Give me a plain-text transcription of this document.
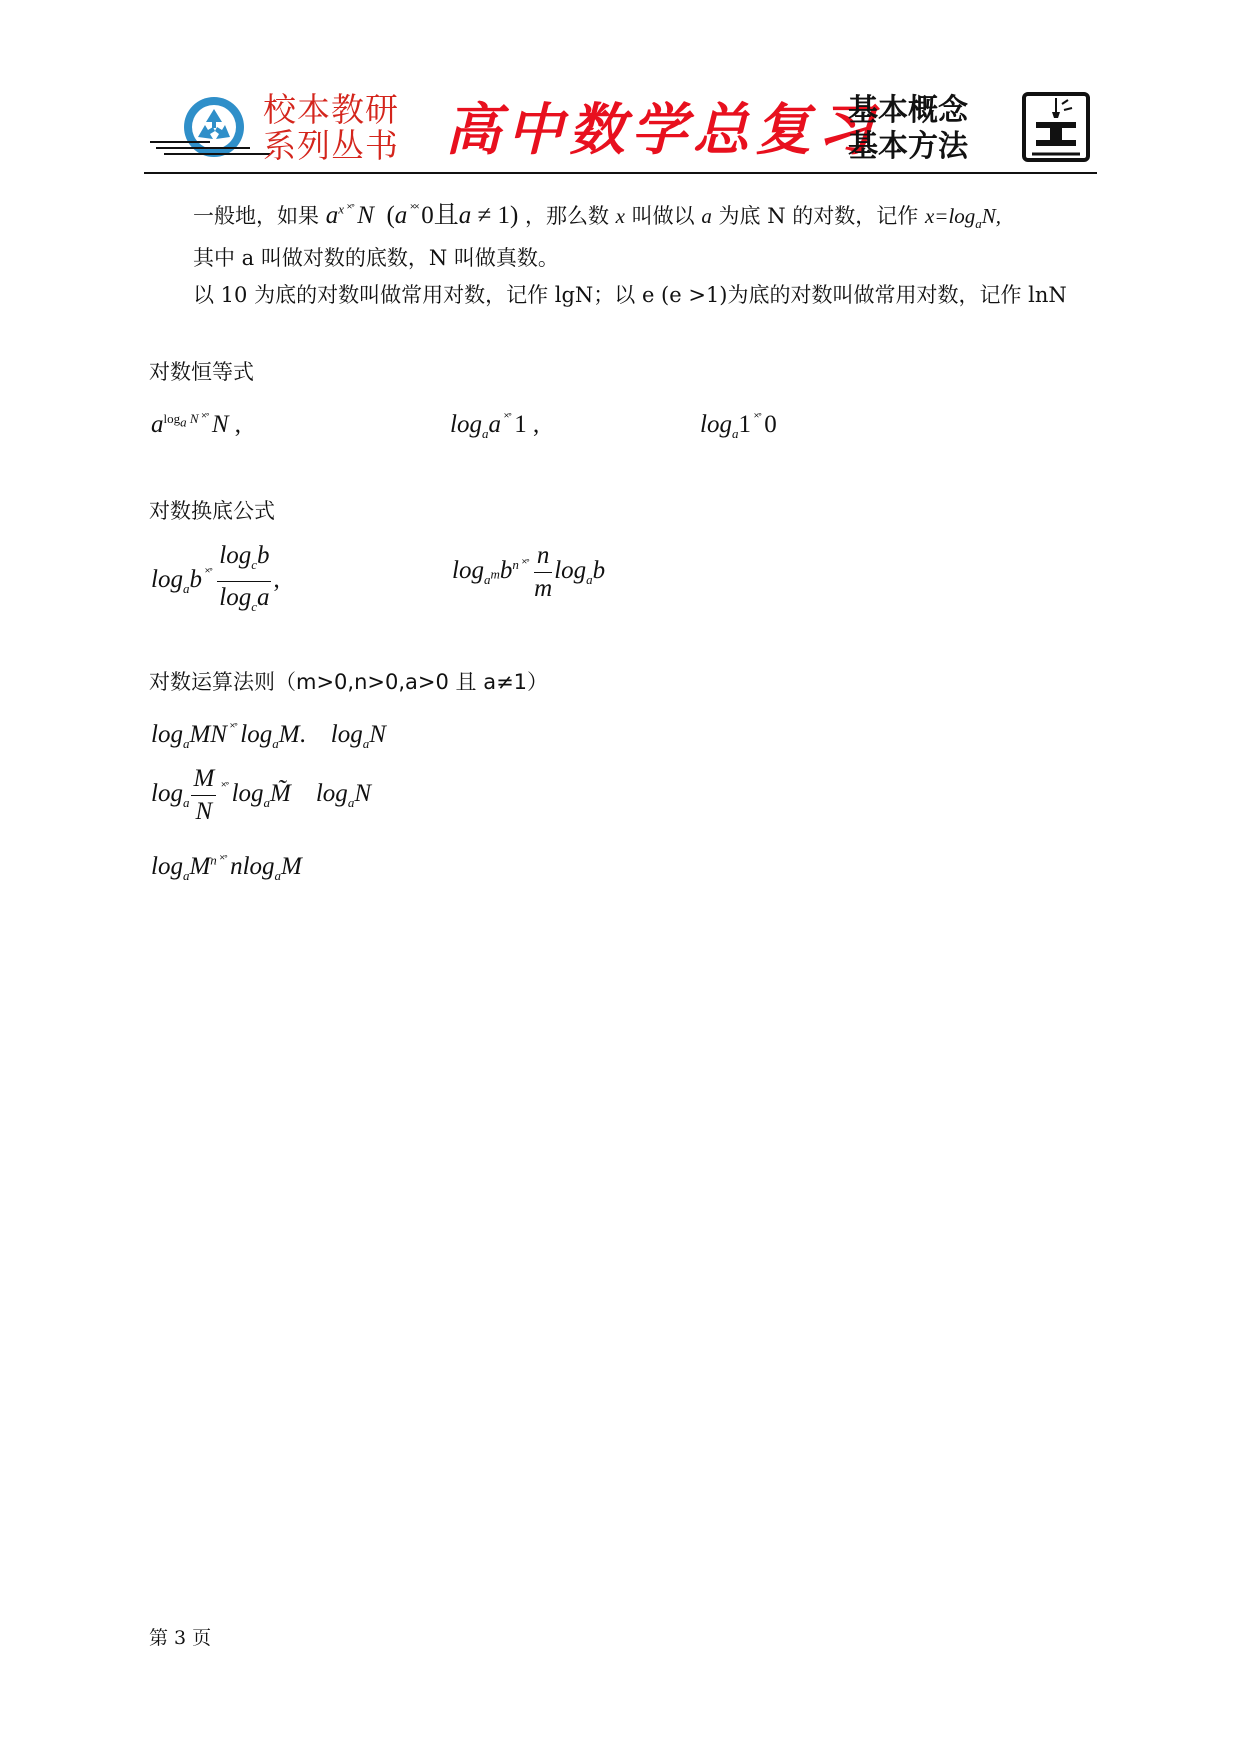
校本教研
系列丛书 高中数学总复习
基本概念
基本方法
一般地，如果 $a^x$ ˟˚ N  (a ˟˟ 0且a ≠ 1) ，那么数 x 叫做以 a 为底 N 的对数，记作 $x=\log_aN$,
其中 a 叫做对数的底数，N 叫做真数。
以 10 为底的对数叫做常用对数，记作 lgN；以 e (e >1)为底的对数叫做常用对数，记作 lnN
对数恒等式
$a^{log_a N}$ ˟˚ N ,	$\log_aa$ ˟˚ 1 ,	$\log_a1$ ˟˚ 0
对数换底公式
$\log_ab$ $^{˟˚} \frac{\log_cb}{\log_ca}$ ,	$\log_{a^m}b^n$ $^{˟˚} \frac{n}{m} \log_ab$
对数运算法则（m>0,n>0,a>0 且 a≠1）
$\log_aMN$ ˟˚ $\log_aM$.    $\log_aN$
$\log_a \frac{M}{N} ^{˟˚}$ $\log_aM̃$    $\log_aN$
$\log_aM^n$ ˟˚ nlog$_a$M
第 3 页
